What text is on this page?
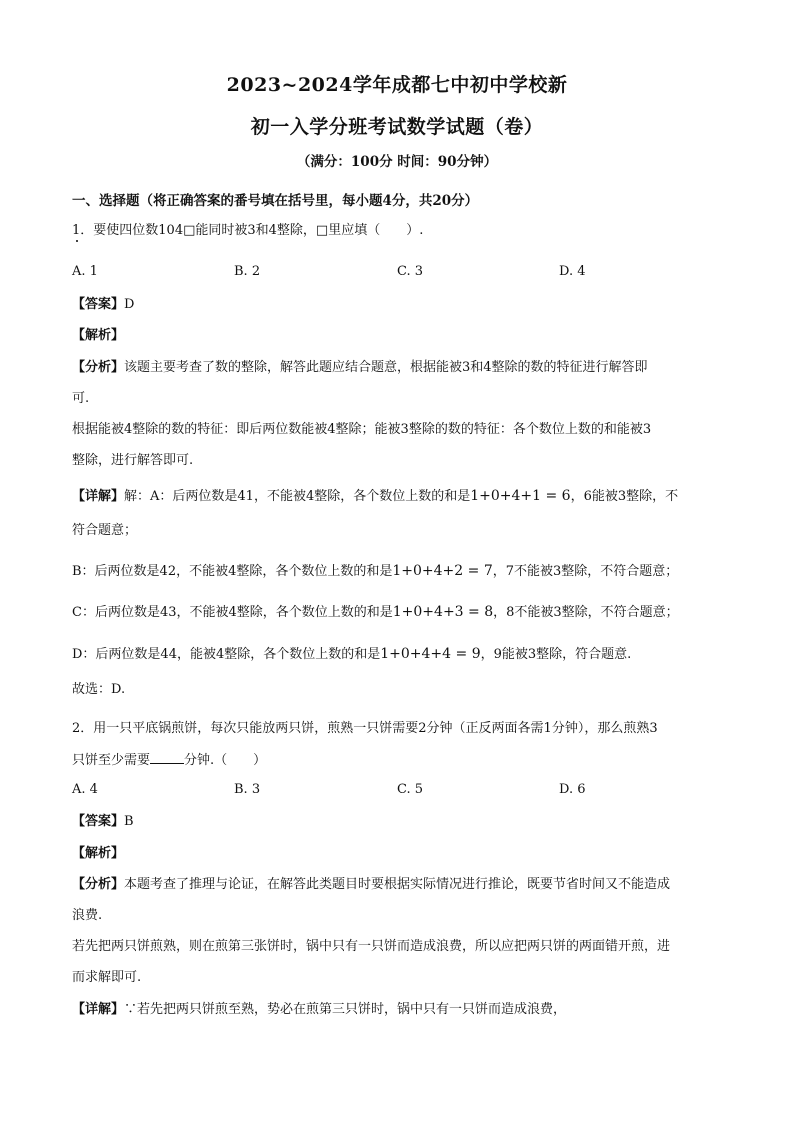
2023~2024学年成都七中初中学校新
初一入学分班考试数学试题（卷）
（满分：100分 时间：90分钟）
一、选择题（将正确答案的番号填在括号里，每小题4分，共20分）
1．要使四位数104□能同时被3和4整除，□里应填（　　）.
A. 1	B. 2	C. 3	D. 4
【答案】D
【解析】
【分析】该题主要考查了数的整除，解答此题应结合题意，根据能被3和4整除的数的特征进行解答即
可.
根据能被4整除的数的特征：即后两位数能被4整除；能被3整除的数的特征：各个数位上数的和能被3
整除，进行解答即可.
【详解】解：A：后两位数是41，不能被4整除，各个数位上数的和是1+0+4+1 = 6，6能被3整除，不
符合题意；
B：后两位数是42，不能被4整除，各个数位上数的和是1+0+4+2 = 7，7不能被3整除，不符合题意；
C：后两位数是43，不能被4整除，各个数位上数的和是1+0+4+3 = 8，8不能被3整除，不符合题意；
D：后两位数是44，能被4整除，各个数位上数的和是1+0+4+4 = 9，9能被3整除，符合题意.
故选：D.
2．用一只平底锅煎饼，每次只能放两只饼，煎熟一只饼需要2分钟（正反两面各需1分钟），那么煎熟3
只饼至少需要	分钟.（　　）
A. 4	B. 3	C. 5	D. 6
【答案】B
【解析】
【分析】本题考查了推理与论证，在解答此类题目时要根据实际情况进行推论，既要节省时间又不能造成
浪费.
若先把两只饼煎熟，则在煎第三张饼时，锅中只有一只饼而造成浪费，所以应把两只饼的两面错开煎，进
而求解即可.
【详解】∵若先把两只饼煎至熟，势必在煎第三只饼时，锅中只有一只饼而造成浪费，
